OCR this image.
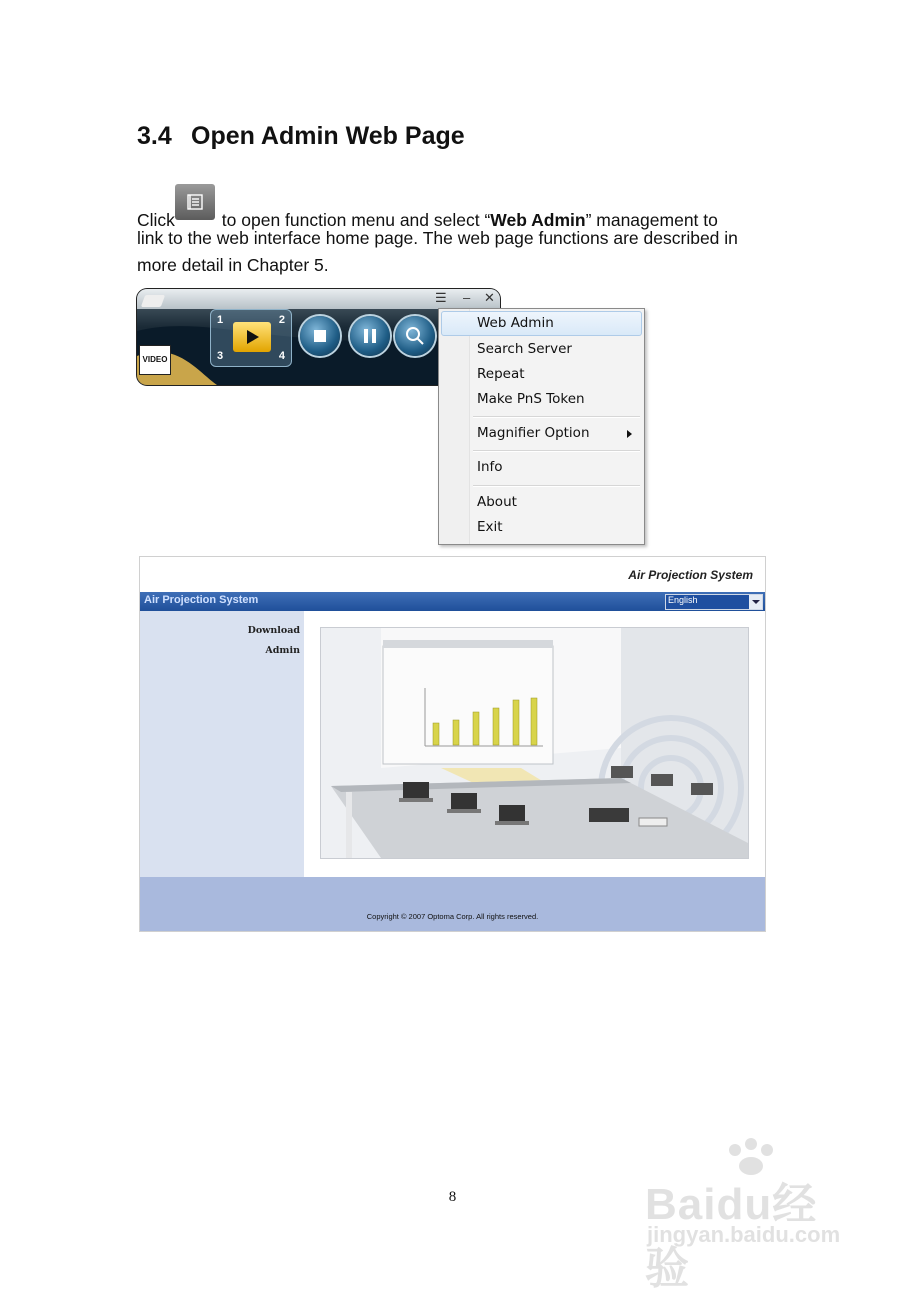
3.4 Open Admin Web Page
Click
to open function menu and select “Web Admin” management to
link to the web interface home page. The web page functions are described in
more detail in Chapter 5.
☰ – ✕
1	2
3	4
VIDEO
Web Admin
Search Server
Repeat
Make PnS Token
Magnifier Option
Info
About
Exit
Air Projection System
Air Projection System	English
Download
Admin
Copyright © 2007 Optoma Corp. All rights reserved.
8	Baidu经验
jingyan.baidu.com
